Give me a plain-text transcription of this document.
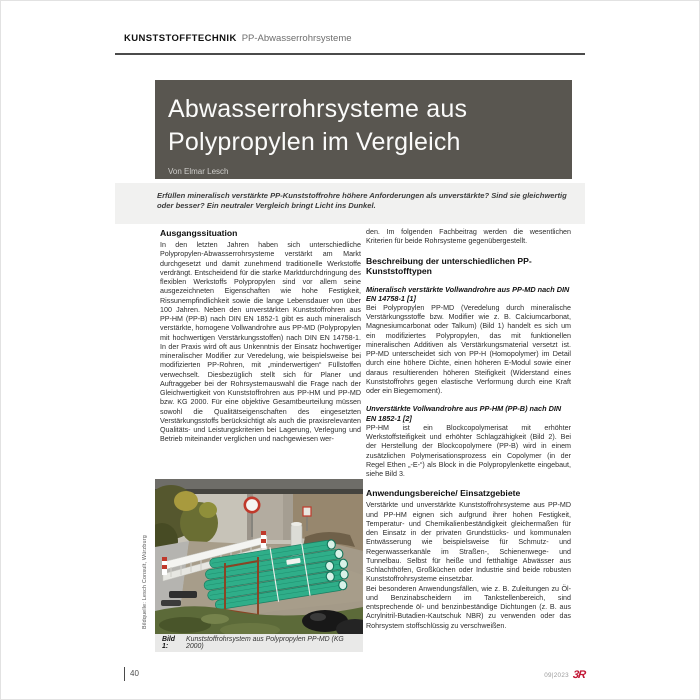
KUNSTSTOFFTECHNIK PP-Abwasserrohrsysteme
Abwasserrohrsysteme aus
Polypropylen im Vergleich
Von Elmar Lesch

Erfüllen mineralisch verstärkte PP-Kunststoffrohre höhere Anforderungen als unverstärkte? Sind sie gleichwertig oder besser? Ein neutraler Vergleich bringt Licht ins Dunkel.

Ausgangssituation

In den letzten Jahren haben sich unterschiedliche Polypropylen-Abwasserrohrsysteme verstärkt am Markt durchgesetzt und damit zunehmend traditionelle Werkstoffe verdrängt. Entscheidend für die starke Marktdurchdringung des flexiblen Werkstoffs Polypropylen sind vor allem seine ausgezeichneten Eigenschaften wie hohe Festigkeit, Rissunempfindlichkeit sowie die lange Lebensdauer von über 100 Jahren. Neben den unverstärkten Kunststoffrohren aus PP-HM (PP-B) nach DIN EN 1852-1 gibt es auch mineralisch verstärkte, homogene Vollwandrohre aus PP-MD (Polypropylen mit hochwertigen Verstärkungsstoffen) nach DIN EN 14758-1. In der Praxis wird oft aus Unkenntnis der Einsatz hochwertiger mineralischer Modifier zur Veredelung, wie beispielsweise bei modifizierten PP-Rohren, mit „minderwertigen“ Füllstoffen verwechselt. Diesbezüglich stellt sich für Planer und Auftraggeber bei der Rohrsystemauswahl die Frage nach der Gleichwertigkeit von Kunststoffrohren aus PP-HM und PP-MD bzw. KG 2000. Für eine objektive Gesamtbeurteilung müssen sowohl die Qualitätseigenschaften des eingesetzten Verstärkungsstoffs berücksichtigt als auch die praxisrelevanten Qualitäts- und Leistungskriterien bei Lagerung, Verlegung und Betrieb miteinander verglichen und nachgewiesen wer-

den. Im folgenden Fachbeitrag werden die wesentlichen Kriterien für beide Rohrsysteme gegenübergestellt.

Beschreibung der unterschiedlichen PP-Kunststofftypen
Mineralisch verstärkte Vollwandrohre aus PP-MD nach DIN EN 14758-1 [1]

Bei Polypropylen PP-MD (Veredelung durch mineralische Verstärkungsstoffe bzw. Modifier wie z. B. Calciumcarbonat, Magnesiumcarbonat oder Talkum) (Bild 1) handelt es sich um ein modifiziertes Polypropylen, das mit funktionellen mineralischen Additiven als Verstärkungsmaterial versetzt ist. PP-MD unterscheidet sich von PP-H (Homopolymer) im Detail durch eine höhere Dichte, einen höheren E-Modul sowie einer daraus resultierenden höheren Steifigkeit (Widerstand eines Kunststoffrohrs gegen elastische Verformung durch eine Kraft oder ein Biegemoment).

Unverstärkte Vollwandrohre aus PP-HM (PP-B) nach DIN EN 1852-1 [2]

PP-HM ist ein Blockcopolymerisat mit erhöhter Werkstoffsteifigkeit und erhöhter Schlagzähigkeit (Bild 2). Bei der Herstellung der Blockcopolymere (PP-B) wird in einem zusätzlichen Polymerisationsprozess ein Copolymer (in der Regel Ethen „-E-“) als Block in die Polypropylenkette eingebaut, siehe Bild 3.

Anwendungsbereiche/ Einsatzgebiete

Verstärkte und unverstärkte Kunststoffrohrsysteme aus PP-MD und PP-HM eignen sich aufgrund ihrer hohen Festigkeit, Temperatur- und Chemikalienbeständigkeit gleichermaßen für den Einsatz in der privaten Grundstücks- und kommunalen Entwässerung wie beispielsweise für Schmutz- und Regenwasserkanäle im Straßen-, Schienenwege- und Tunnelbau. Selbst für heiße und fetthaltige Abwässer aus Schlachthöfen, Großküchen oder Industrie sind beide robusten Kunststoffrohrsysteme einsetzbar.

Bei besonderen Anwendungsfällen, wie z. B. Zuleitungen zu Öl- und Benzinabscheidern im Tankstellenbereich, sind entsprechende öl- und benzinbeständige Dichtungen (z. B. aus Acrylnitril-Butadien-Kautschuk NBR) zu verwenden oder das Rohrsystem stoffschlüssig zu verschweißen.

Bildquelle: Lesch Consult, Würzburg
Bild 1:
Kunststoffrohrsystem aus Polypropylen PP-MD (KG 2000)
40	09|2023 3R
